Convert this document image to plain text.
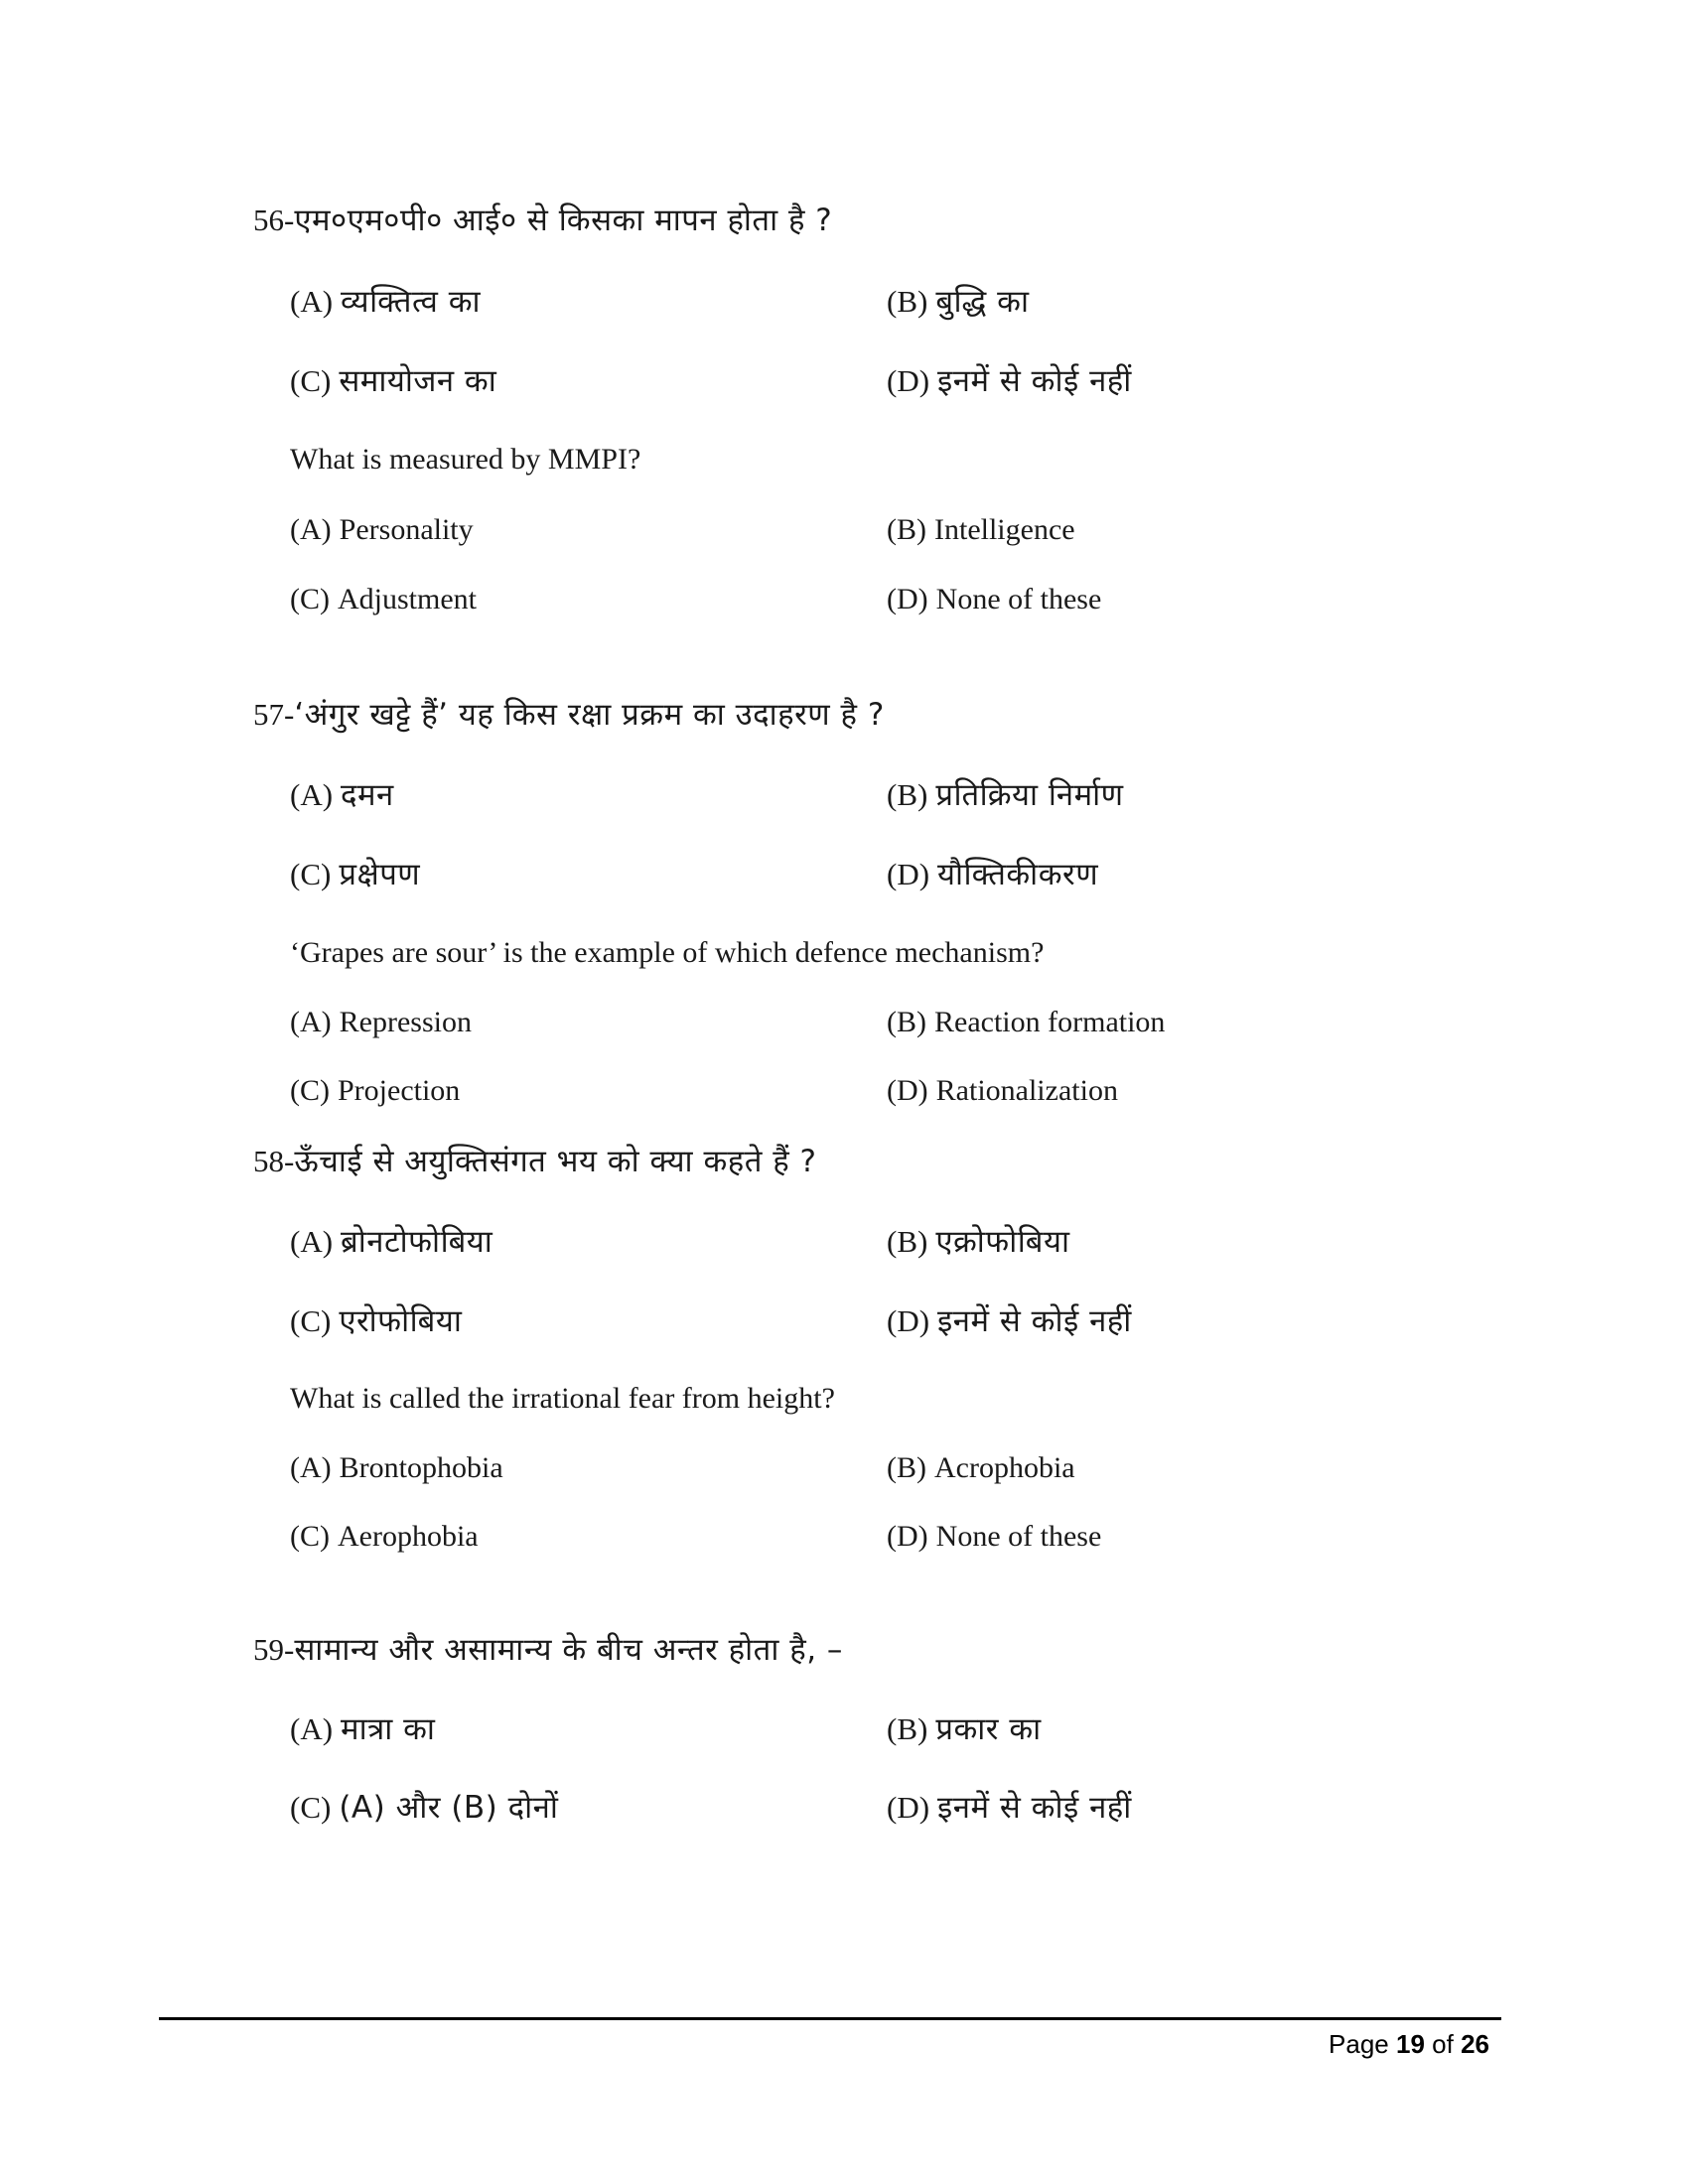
56-एम०एम०पी० आई० से किसका मापन होता है ?
(A) व्यक्तित्व का	(B) बुद्धि का
(C) समायोजन का	(D) इनमें से कोई नहीं
What is measured by MMPI?
(A) Personality	(B) Intelligence
(C) Adjustment	(D) None of these
57-‘अंगुर खट्टे हैं’ यह किस रक्षा प्रक्रम का उदाहरण है ?
(A) दमन	(B) प्रतिक्रिया निर्माण
(C) प्रक्षेपण	(D) यौक्तिकीकरण
‘Grapes are sour’ is the example of which defence mechanism?
(A) Repression	(B) Reaction formation
(C) Projection	(D) Rationalization
58-ऊँचाई से अयुक्तिसंगत भय को क्या कहते हैं ?
(A) ब्रोनटोफोबिया	(B) एक्रोफोबिया
(C) एरोफोबिया	(D) इनमें से कोई नहीं
What is called the irrational fear from height?
(A) Brontophobia	(B) Acrophobia
(C) Aerophobia	(D) None of these
59-सामान्य और असामान्य के बीच अन्तर होता है, –
(A) मात्रा का	(B) प्रकार का
(C) (A) और (B) दोनों	(D) इनमें से कोई नहीं
Page 19 of 26
